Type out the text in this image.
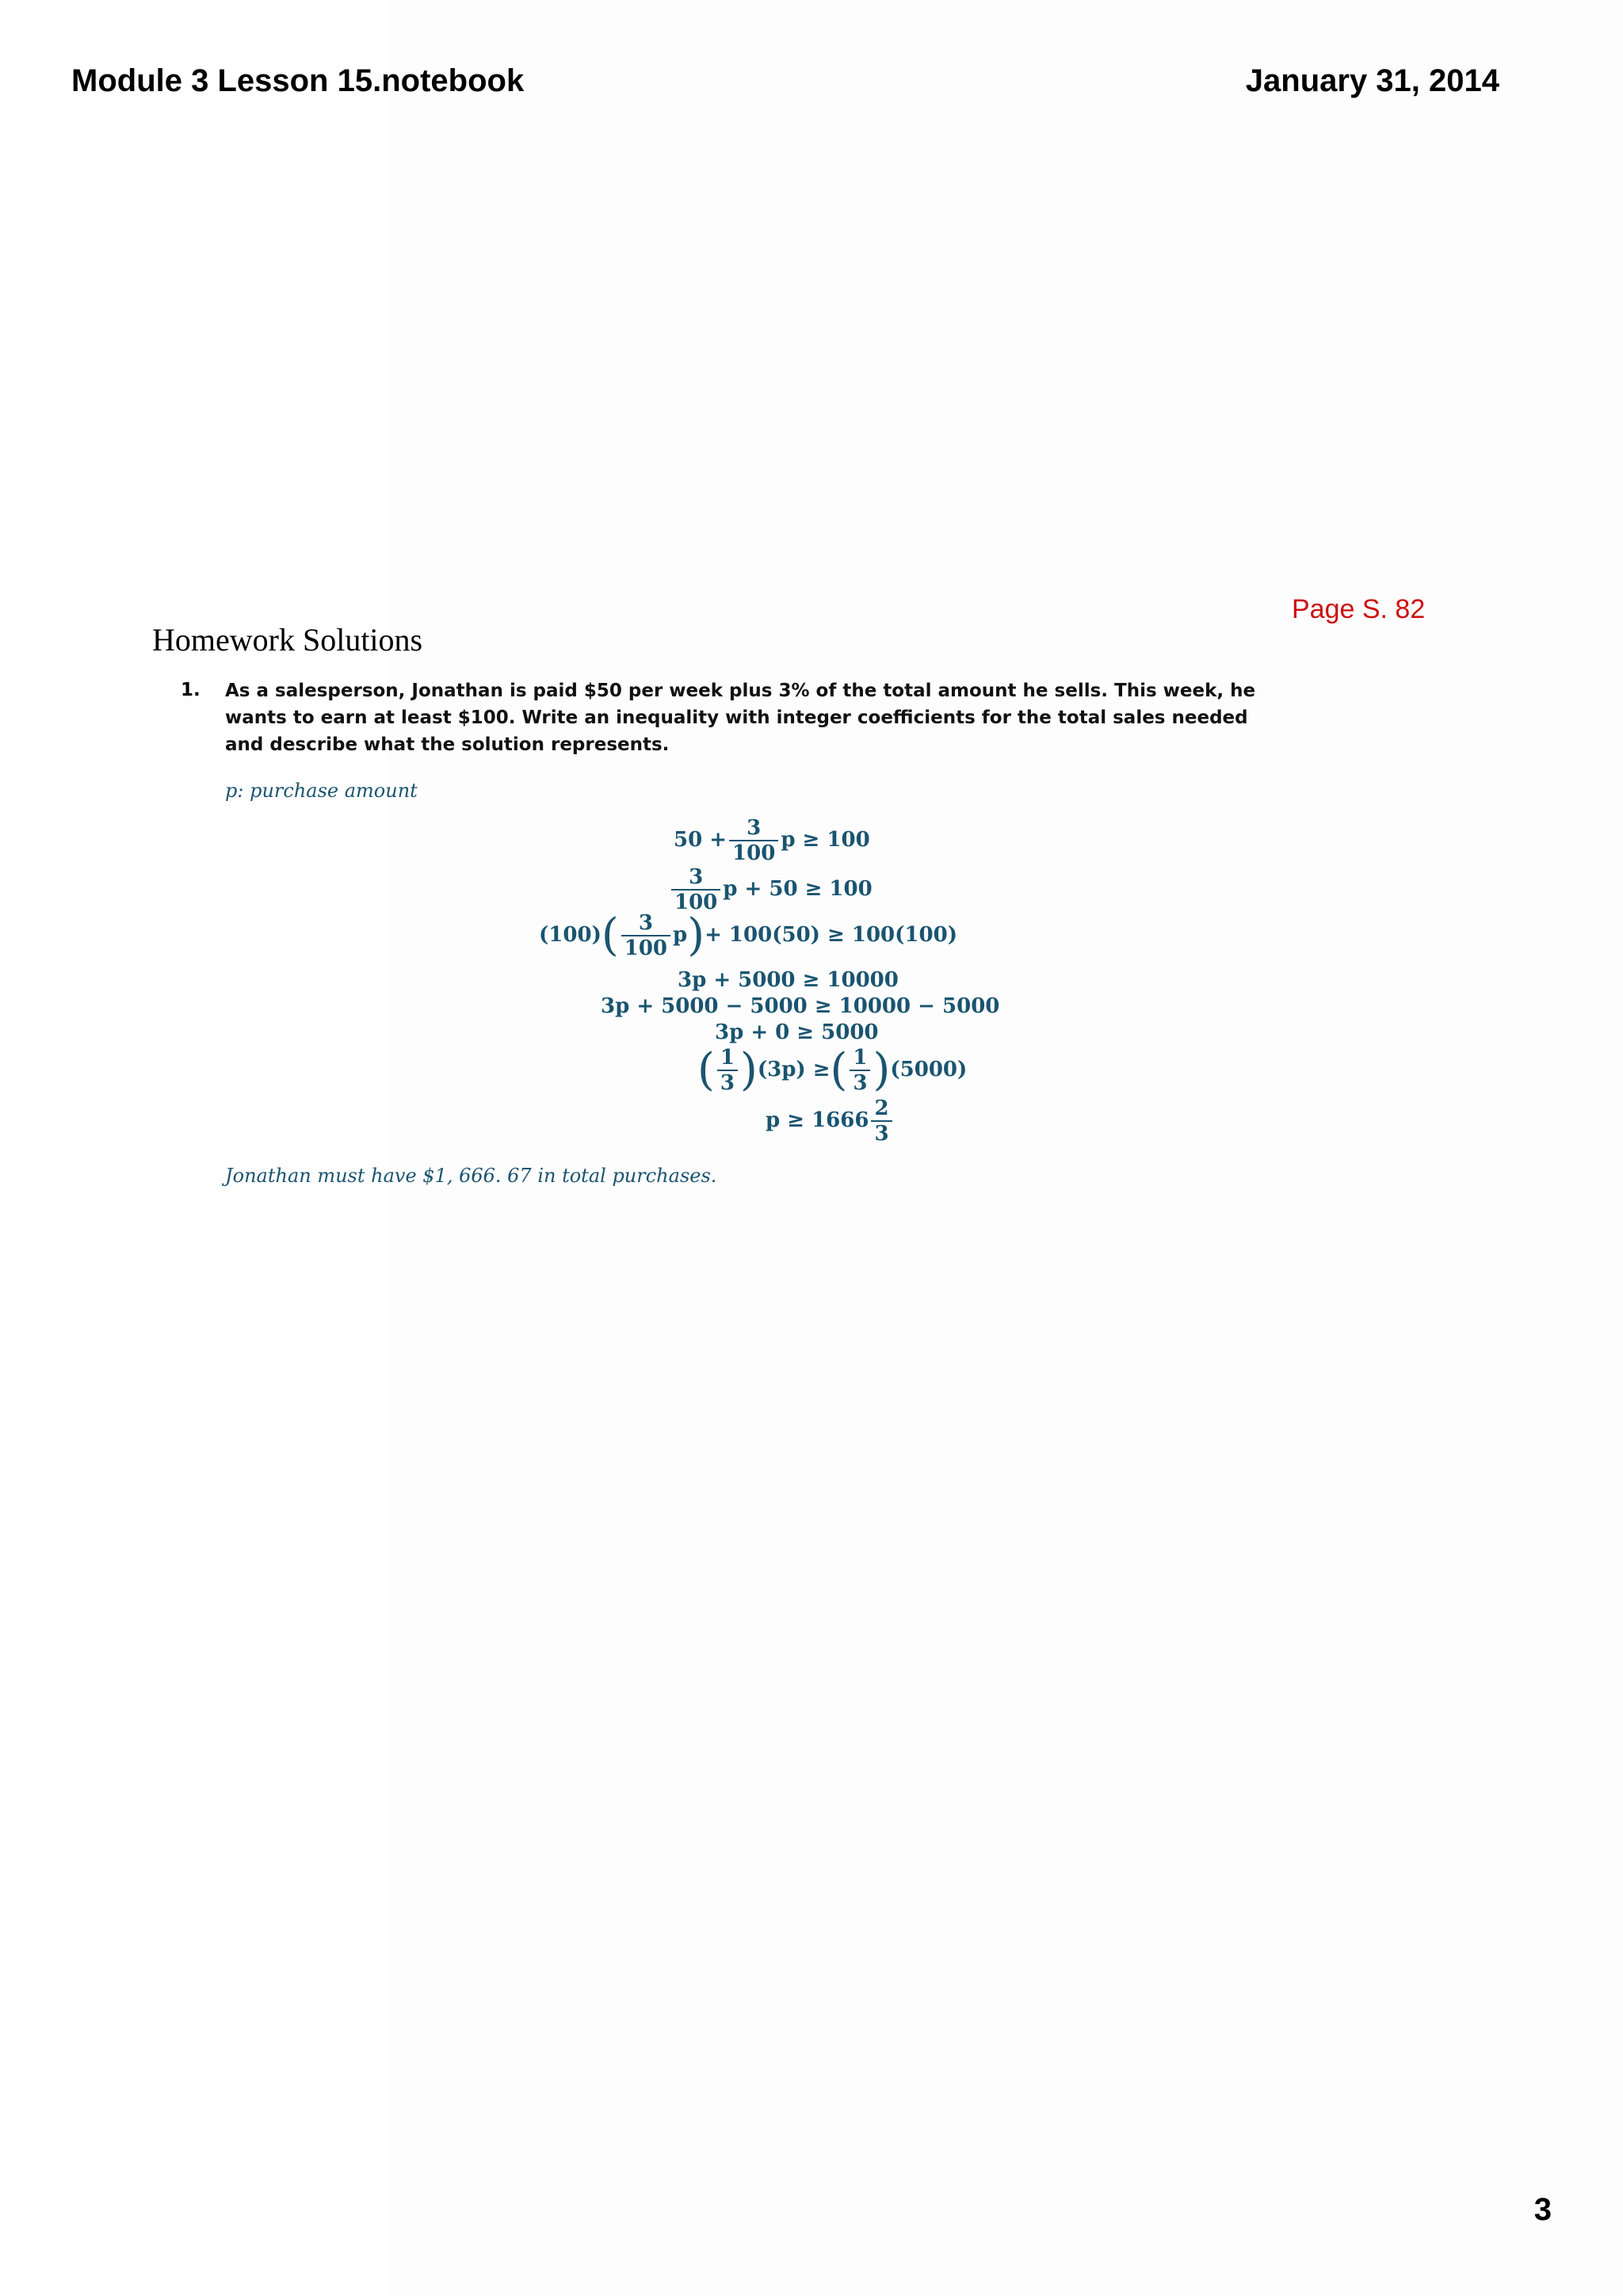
Module 3 Lesson 15.notebook	January 31, 2014
Page S. 82
Homework Solutions
1. As a salesperson, Jonathan is paid $50 per week plus 3% of the total amount he sells. This week, he wants to earn at least $100. Write an inequality with integer coefficients for the total sales needed and describe what the solution represents.
p: purchase amount
$50 + \frac{3}{100}$ p ≥ 100
$\frac{3}{100}$ p + 50 ≥ 100
$(100)( \frac{3}{100} p)+ 100(50) \ge 100(100)$
3p + 5000 ≥ 10000
3p + 5000 − 5000 ≥ 10000 − 5000
3p + 0 ≥ 5000
( $\frac{1}{3} )(3p)$ ≥( $\frac{1}{3} )(5000)$
$p \ge 1666 \frac{2}{3}$
Jonathan must have $1, 666. 67 in total purchases.
3
